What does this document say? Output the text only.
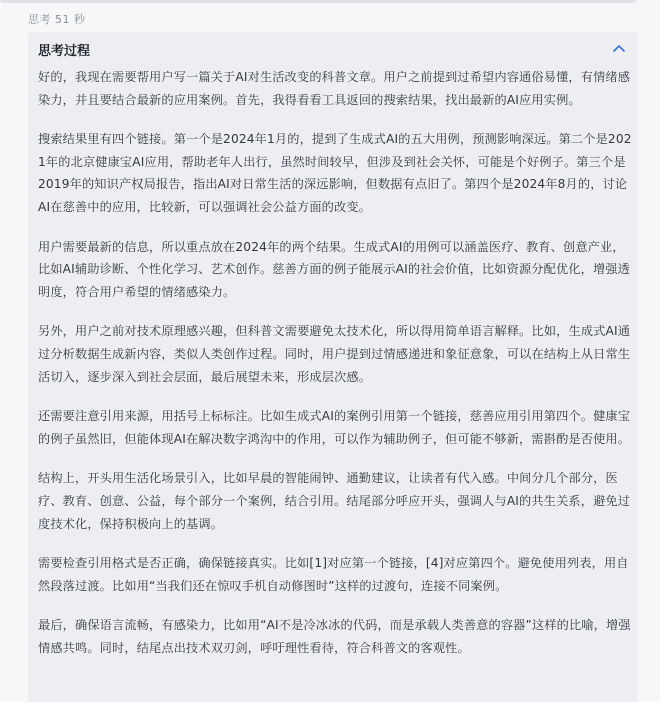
思考 51 秒
思考过程

好的，我现在需要帮用户写一篇关于AI对生活改变的科普文章。用户之前提到过希望内容通俗易懂，有情绪感染力，并且要结合最新的应用案例。首先，我得看看工具返回的搜索结果，找出最新的AI应用实例。

搜索结果里有四个链接。第一个是2024年1月的，提到了生成式AI的五大用例，预测影响深远。第二个是2021年的北京健康宝AI应用，帮助老年人出行，虽然时间较早，但涉及到社会关怀，可能是个好例子。第三个是2019年的知识产权局报告，指出AI对日常生活的深远影响，但数据有点旧了。第四个是2024年8月的，讨论AI在慈善中的应用，比较新，可以强调社会公益方面的改变。

用户需要最新的信息，所以重点放在2024年的两个结果。生成式AI的用例可以涵盖医疗、教育、创意产业，比如AI辅助诊断、个性化学习、艺术创作。慈善方面的例子能展示AI的社会价值，比如资源分配优化，增强透明度，符合用户希望的情绪感染力。

另外，用户之前对技术原理感兴趣，但科普文需要避免太技术化，所以得用简单语言解释。比如，生成式AI通过分析数据生成新内容，类似人类创作过程。同时，用户提到过情感递进和象征意象，可以在结构上从日常生活切入，逐步深入到社会层面，最后展望未来，形成层次感。

还需要注意引用来源，用括号上标标注。比如生成式AI的案例引用第一个链接，慈善应用引用第四个。健康宝的例子虽然旧，但能体现AI在解决数字鸿沟中的作用，可以作为辅助例子，但可能不够新，需斟酌是否使用。

结构上，开头用生活化场景引入，比如早晨的智能闹钟、通勤建议，让读者有代入感。中间分几个部分，医疗、教育、创意、公益，每个部分一个案例，结合引用。结尾部分呼应开头，强调人与AI的共生关系，避免过度技术化，保持积极向上的基调。

需要检查引用格式是否正确，确保链接真实。比如[1]对应第一个链接，[4]对应第四个。避免使用列表，用自然段落过渡。比如用“当我们还在惊叹手机自动修图时”这样的过渡句，连接不同案例。

最后，确保语言流畅，有感染力，比如用“AI不是冷冰冰的代码，而是承载人类善意的容器”这样的比喻，增强情感共鸣。同时，结尾点出技术双刃剑，呼吁理性看待，符合科普文的客观性。
